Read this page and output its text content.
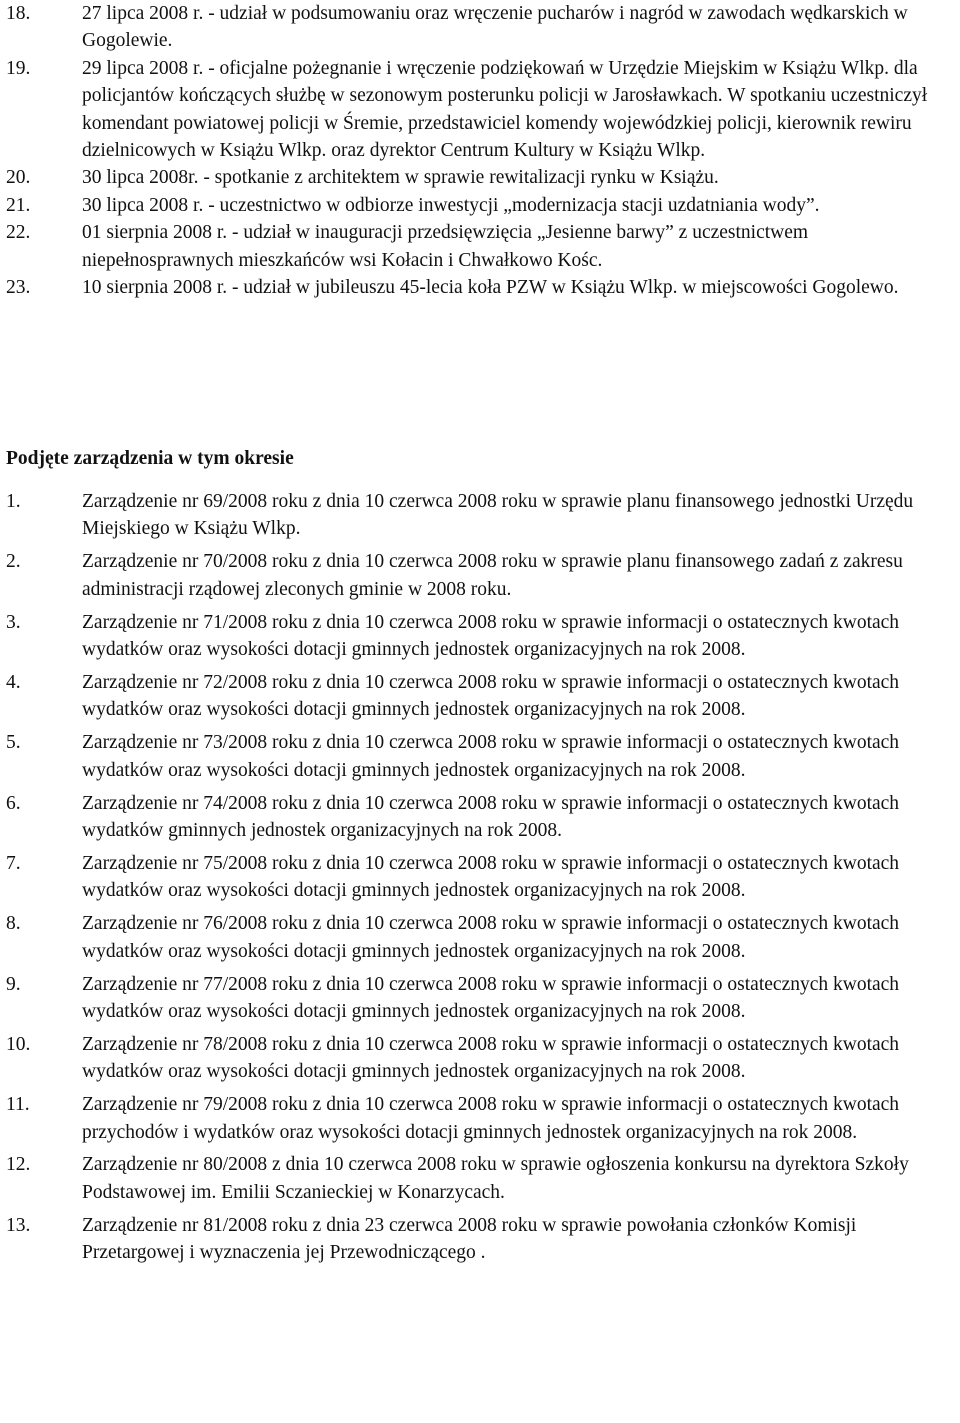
18.	27 lipca 2008 r. - udział w podsumowaniu oraz wręczenie pucharów i nagród w zawodach wędkarskich w Gogolewie.
19.	29 lipca 2008 r. - oficjalne pożegnanie i wręczenie podziękowań w Urzędzie Miejskim w Książu Wlkp. dla policjantów kończących służbę w sezonowym posterunku policji w Jarosławkach. W spotkaniu uczestniczył komendant powiatowej policji w Śremie, przedstawiciel komendy wojewódzkiej policji, kierownik rewiru dzielnicowych w Książu Wlkp. oraz dyrektor Centrum Kultury w Książu Wlkp.
20.	30 lipca 2008r. - spotkanie z architektem w sprawie rewitalizacji rynku w Książu.
21.	30 lipca 2008 r. - uczestnictwo w odbiorze inwestycji „modernizacja stacji uzdatniania wody”.
22.	01 sierpnia 2008 r. - udział w inauguracji przedsięwzięcia „Jesienne barwy” z uczestnictwem niepełnosprawnych mieszkańców wsi Kołacin i Chwałkowo Kośc.
23.	10 sierpnia 2008 r. - udział w jubileuszu 45-lecia koła PZW w Książu Wlkp. w miejscowości Gogolewo.
Podjęte zarządzenia w tym okresie
1.	Zarządzenie nr 69/2008 roku z dnia 10 czerwca 2008 roku w sprawie planu finansowego jednostki Urzędu Miejskiego w Książu Wlkp.
2.	Zarządzenie nr 70/2008 roku z dnia 10 czerwca 2008 roku w sprawie planu finansowego zadań z zakresu administracji rządowej zleconych gminie w 2008 roku.
3.	Zarządzenie nr 71/2008 roku z dnia 10 czerwca 2008 roku w sprawie informacji o ostatecznych kwotach wydatków oraz wysokości dotacji gminnych jednostek organizacyjnych na rok 2008.
4.	Zarządzenie nr 72/2008 roku z dnia 10 czerwca 2008 roku w sprawie informacji o ostatecznych kwotach wydatków oraz wysokości dotacji gminnych jednostek organizacyjnych na rok 2008.
5.	Zarządzenie nr 73/2008 roku z dnia 10 czerwca 2008 roku w sprawie informacji o ostatecznych kwotach wydatków oraz wysokości dotacji gminnych jednostek organizacyjnych na rok 2008.
6.	Zarządzenie nr 74/2008 roku z dnia 10 czerwca 2008 roku w sprawie informacji o ostatecznych kwotach wydatków gminnych jednostek organizacyjnych na rok 2008.
7.	Zarządzenie nr 75/2008 roku z dnia 10 czerwca 2008 roku w sprawie informacji o ostatecznych kwotach wydatków oraz wysokości dotacji gminnych jednostek organizacyjnych na rok 2008.
8.	Zarządzenie nr 76/2008 roku z dnia 10 czerwca 2008 roku w sprawie informacji o ostatecznych kwotach wydatków oraz wysokości dotacji gminnych jednostek organizacyjnych na rok 2008.
9.	Zarządzenie nr 77/2008 roku z dnia 10 czerwca 2008 roku w sprawie informacji o ostatecznych kwotach wydatków oraz wysokości dotacji gminnych jednostek organizacyjnych na rok 2008.
10.	Zarządzenie nr 78/2008 roku z dnia 10 czerwca 2008 roku w sprawie informacji o ostatecznych kwotach wydatków oraz wysokości dotacji gminnych jednostek organizacyjnych na rok 2008.
11.	Zarządzenie nr 79/2008 roku z dnia 10 czerwca 2008 roku w sprawie informacji o ostatecznych kwotach przychodów i wydatków oraz wysokości dotacji gminnych jednostek organizacyjnych na rok 2008.
12.	Zarządzenie nr 80/2008 z dnia 10 czerwca 2008 roku w sprawie ogłoszenia konkursu na dyrektora Szkoły Podstawowej im. Emilii Sczanieckiej w Konarzycach.
13.	Zarządzenie nr 81/2008 roku z dnia 23 czerwca 2008 roku w sprawie powołania członków Komisji Przetargowej i wyznaczenia jej Przewodniczącego .
